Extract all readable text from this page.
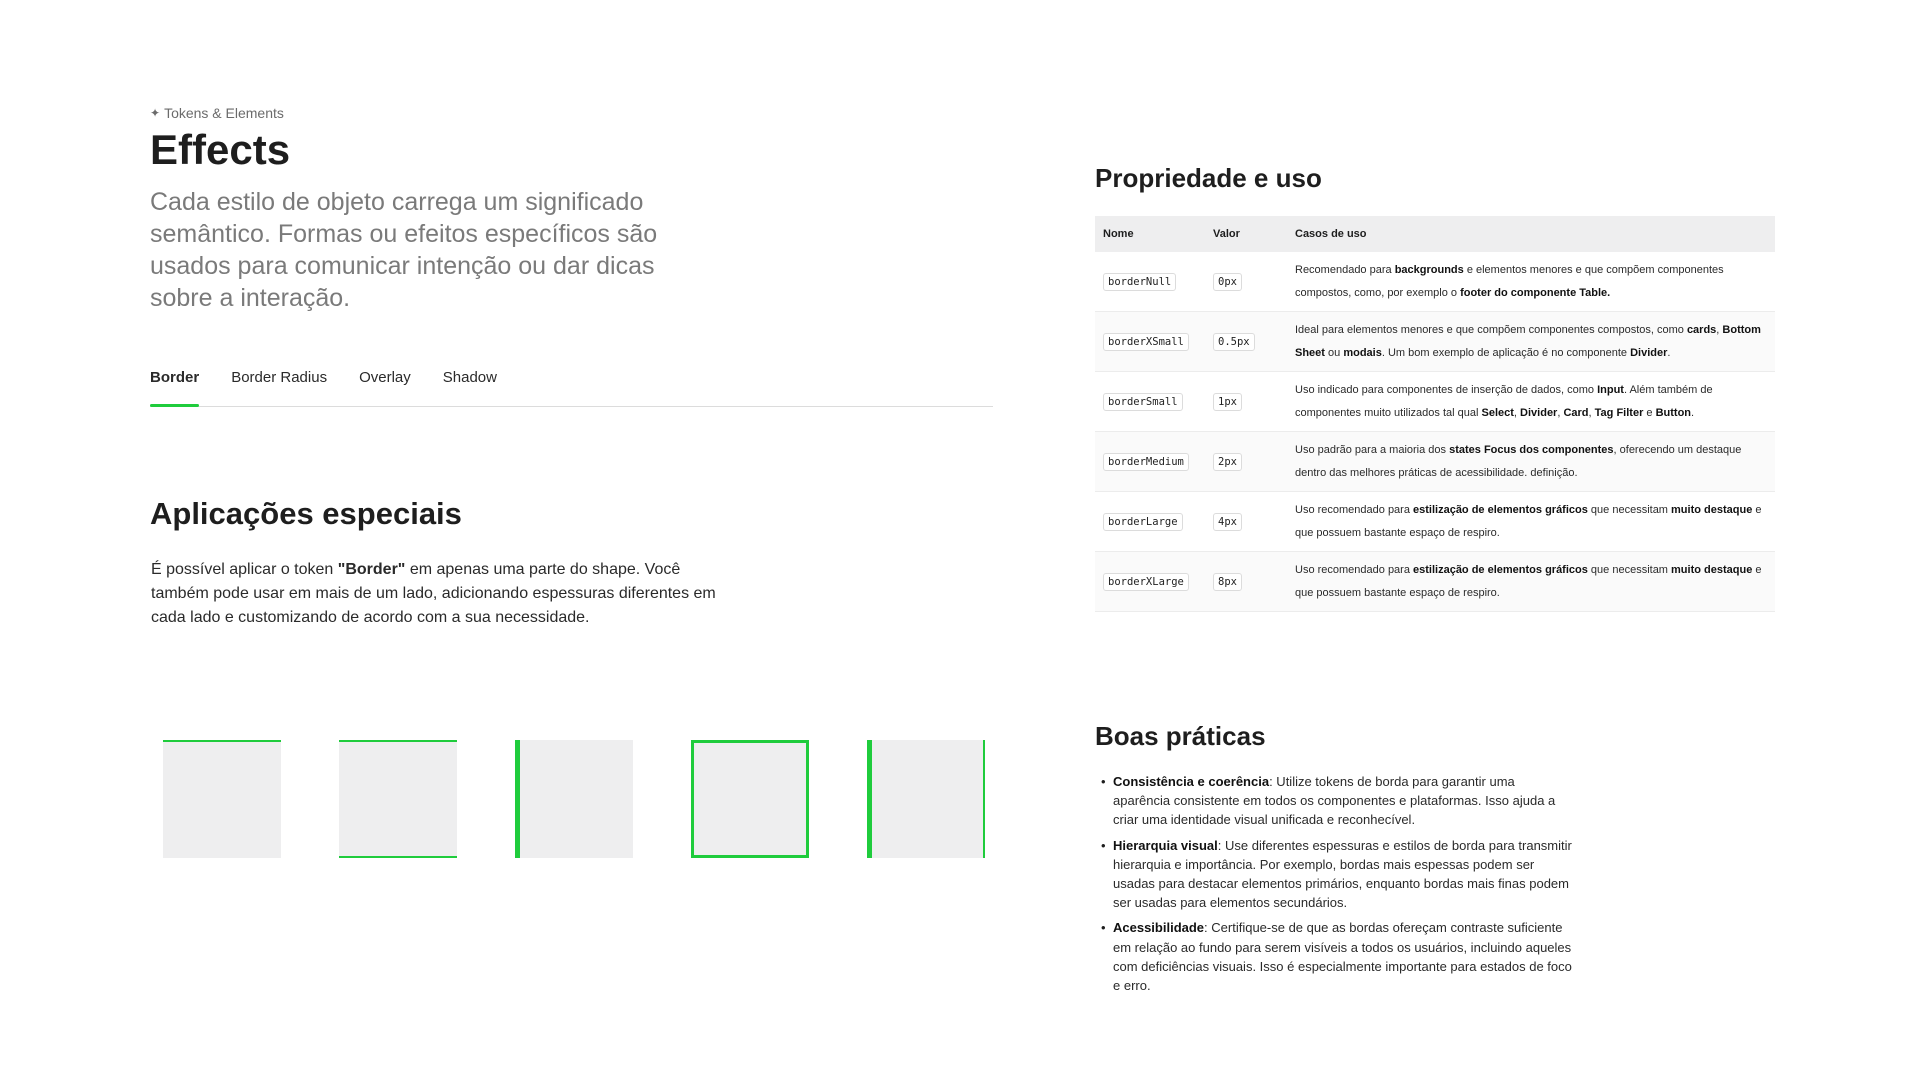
✦ Tokens & Elements
Effects
Cada estilo de objeto carrega um significado semântico. Formas ou efeitos específicos são usados para comunicar intenção ou dar dicas sobre a interação.
Border Border Radius Overlay Shadow
Aplicações especiais
É possível aplicar o token "Border" em apenas uma parte do shape. Você também pode usar em mais de um lado, adicionando espessuras diferentes em cada lado e customizando de acordo com a sua necessidade.
Propriedade e uso
Nome	Valor	Casos de uso
borderNull	0px	Recomendado para backgrounds e elementos menores e que compõem componentes compostos, como, por exemplo o footer do componente Table.
borderXSmall	0.5px	Ideal para elementos menores e que compõem componentes compostos, como cards, Bottom Sheet ou modais. Um bom exemplo de aplicação é no componente Divider.
borderSmall	1px	Uso indicado para componentes de inserção de dados, como Input. Além também de componentes muito utilizados tal qual Select, Divider, Card, Tag Filter e Button.
borderMedium	2px	Uso padrão para a maioria dos states Focus dos componentes, oferecendo um destaque dentro das melhores práticas de acessibilidade. definição.
borderLarge	4px	Uso recomendado para estilização de elementos gráficos que necessitam muito destaque e que possuem bastante espaço de respiro.
borderXLarge	8px	Uso recomendado para estilização de elementos gráficos que necessitam muito destaque e que possuem bastante espaço de respiro.
Boas práticas
• Consistência e coerência: Utilize tokens de borda para garantir uma aparência consistente em todos os componentes e plataformas. Isso ajuda a criar uma identidade visual unificada e reconhecível.
• Hierarquia visual: Use diferentes espessuras e estilos de borda para transmitir hierarquia e importância. Por exemplo, bordas mais espessas podem ser usadas para destacar elementos primários, enquanto bordas mais finas podem ser usadas para elementos secundários.
• Acessibilidade: Certifique-se de que as bordas ofereçam contraste suficiente em relação ao fundo para serem visíveis a todos os usuários, incluindo aqueles com deficiências visuais. Isso é especialmente importante para estados de foco e erro.
